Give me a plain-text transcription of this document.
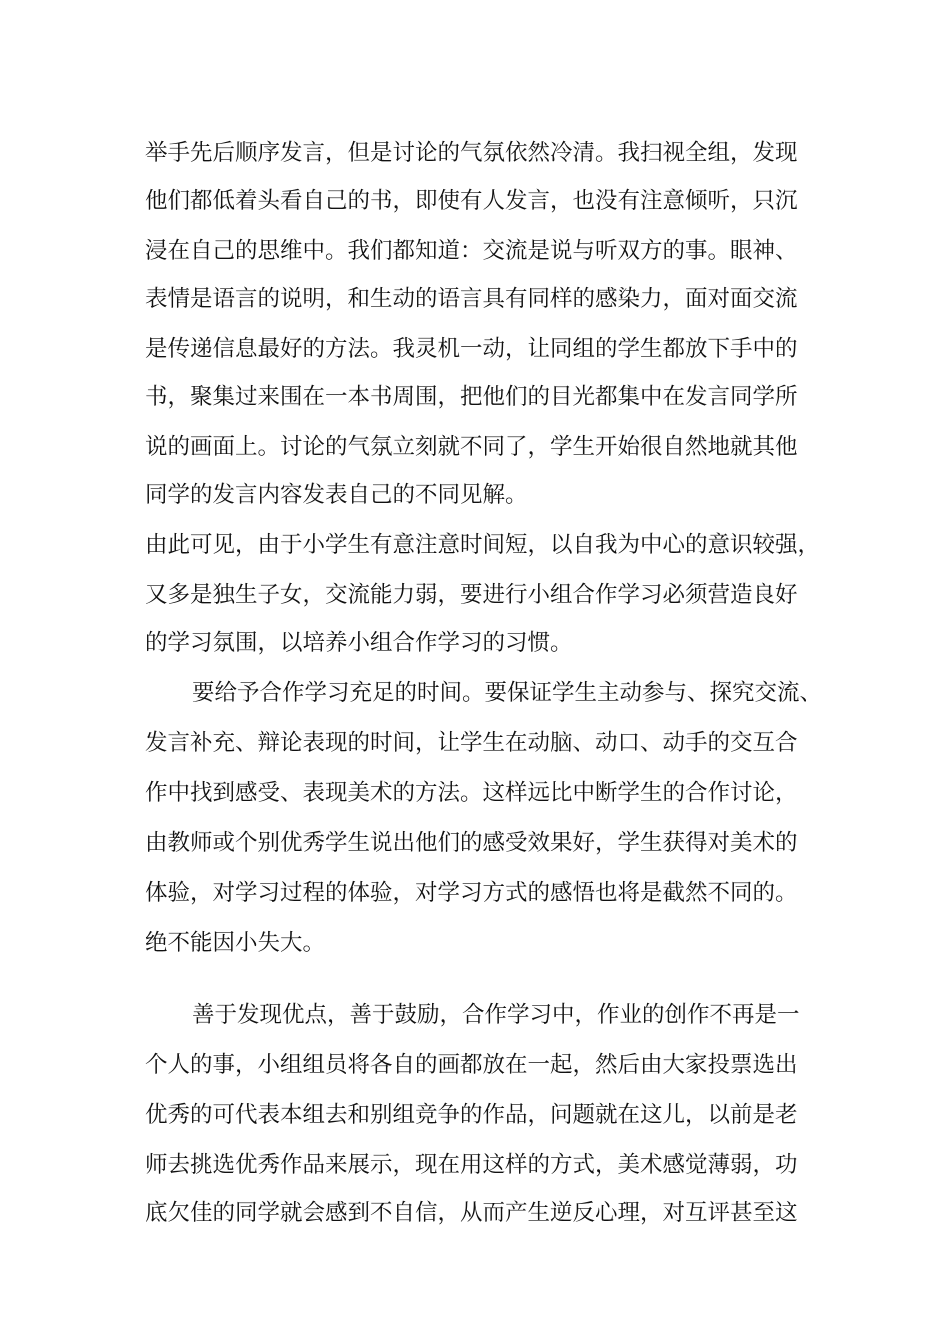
举手先后顺序发言，但是讨论的气氛依然冷清。我扫视全组，发现
他们都低着头看自己的书，即使有人发言，也没有注意倾听，只沉
浸在自己的思维中。我们都知道：交流是说与听双方的事。眼神、
表情是语言的说明，和生动的语言具有同样的感染力，面对面交流
是传递信息最好的方法。我灵机一动，让同组的学生都放下手中的
书，聚集过来围在一本书周围，把他们的目光都集中在发言同学所
说的画面上。讨论的气氛立刻就不同了，学生开始很自然地就其他
同学的发言内容发表自己的不同见解。
由此可见，由于小学生有意注意时间短，以自我为中心的意识较强，
又多是独生子女，交流能力弱，要进行小组合作学习必须营造良好
的学习氛围，以培养小组合作学习的习惯。
要给予合作学习充足的时间。要保证学生主动参与、探究交流、
发言补充、辩论表现的时间，让学生在动脑、动口、动手的交互合
作中找到感受、表现美术的方法。这样远比中断学生的合作讨论，
由教师或个别优秀学生说出他们的感受效果好，学生获得对美术的
体验，对学习过程的体验，对学习方式的感悟也将是截然不同的。
绝不能因小失大。
善于发现优点，善于鼓励，合作学习中，作业的创作不再是一
个人的事，小组组员将各自的画都放在一起，然后由大家投票选出
优秀的可代表本组去和别组竞争的作品，问题就在这儿，以前是老
师去挑选优秀作品来展示，现在用这样的方式，美术感觉薄弱，功
底欠佳的同学就会感到不自信，从而产生逆反心理，对互评甚至这
